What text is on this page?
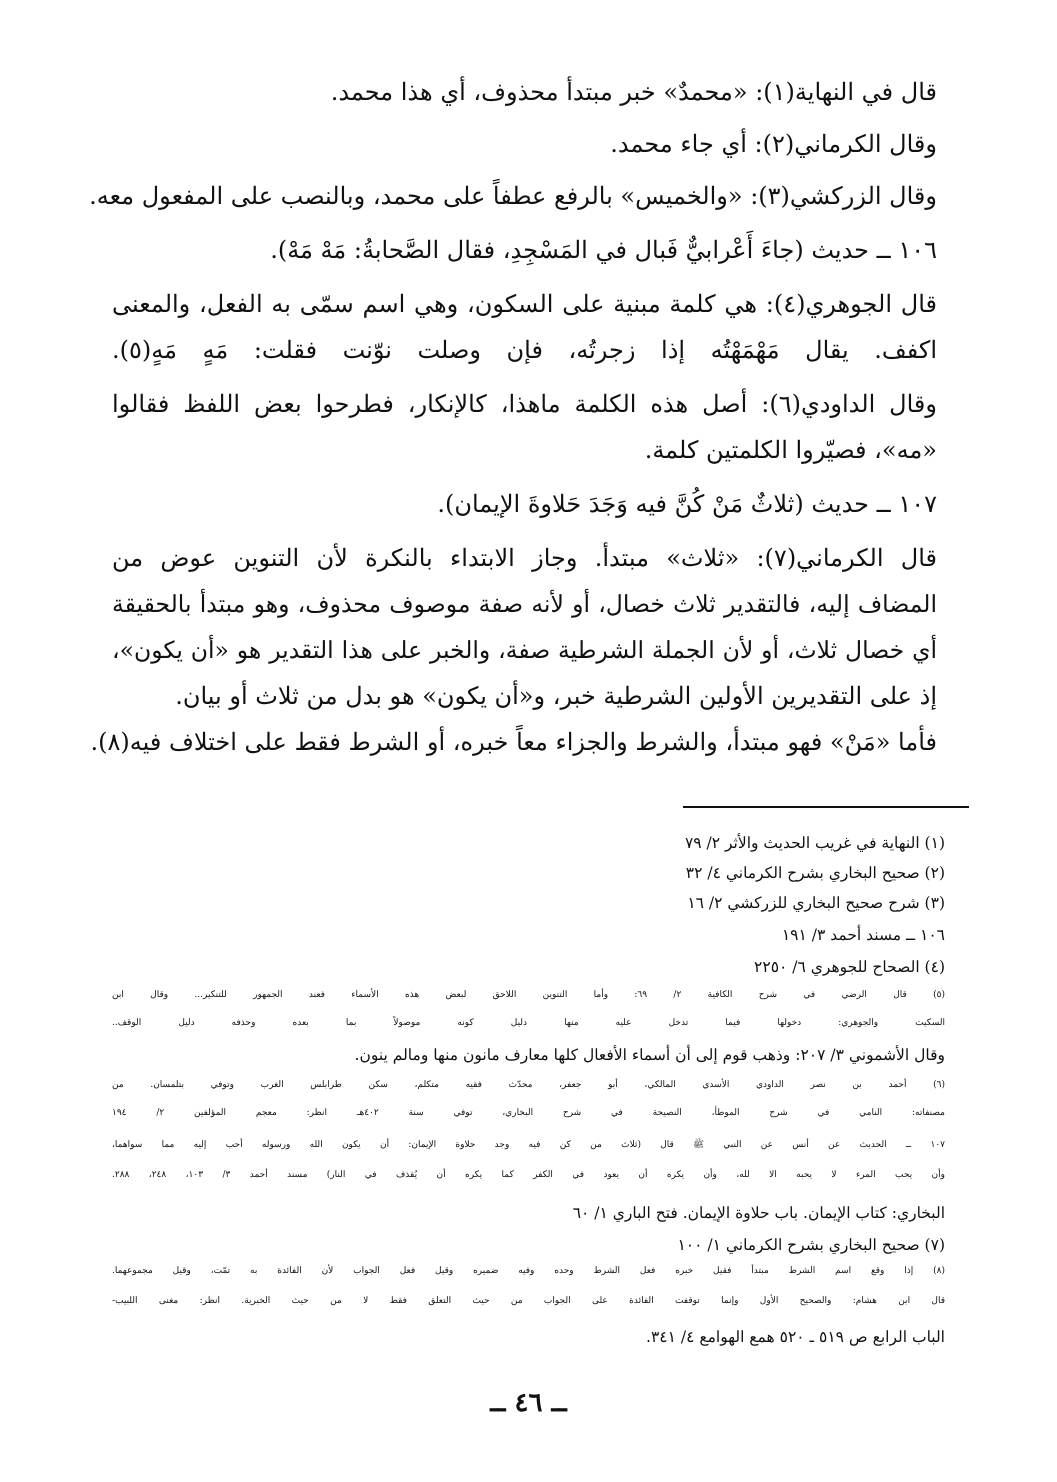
قال في النهاية(١): «محمدٌ» خبر مبتدأ محذوف، أي هذا محمد.
وقال الكرماني(٢): أي جاء محمد.
وقال الزركشي(٣): «والخميس» بالرفع عطفاً على محمد، وبالنصب على المفعول معه.
١٠٦ ــ حديث (جاءَ أَعْرابيٌّ فَبال في المَسْجِدِ، فقال الصَّحابةُ: مَهْ مَهْ).
قال الجوهري(٤): هي كلمة مبنية على السكون، وهي اسم سمّى به الفعل، والمعنى
اكفف. يقال مَهْمَهْتُه إذا زجرتُه، فإن وصلت نوّنت فقلت: مَهٍ مَهٍ(٥).
وقال الداودي(٦): أصل هذه الكلمة ماهذا، كالإنكار، فطرحوا بعض اللفظ فقالوا
«مه»، فصيّروا الكلمتين كلمة.
١٠٧ ــ حديث (ثلاثٌ مَنْ كُنَّ فيه وَجَدَ حَلاوةَ الإيمان).
قال الكرماني(٧): «ثلاث» مبتدأ. وجاز الابتداء بالنكرة لأن التنوين عوض من
المضاف إليه، فالتقدير ثلاث خصال، أو لأنه صفة موصوف محذوف، وهو مبتدأ بالحقيقة
أي خصال ثلاث، أو لأن الجملة الشرطية صفة، والخبر على هذا التقدير هو «أن يكون»،
إذ على التقديرين الأولين الشرطية خبر، و«أن يكون» هو بدل من ثلاث أو بيان.
فأما «مَنْ» فهو مبتدأ، والشرط والجزاء معاً خبره، أو الشرط فقط على اختلاف فيه(٨).
(١) النهاية في غريب الحديث والأثر ٢/ ٧٩
(٢) صحيح البخاري بشرح الكرماني ٤/ ٣٢
(٣) شرح صحيح البخاري للزركشي ٢/ ١٦
١٠٦ ــ مسند أحمد ٣/ ١٩١
(٤) الصحاح للجوهري ٦/ ٢٢٥٠
(٥) قال الرضي في شرح الكافية ٢/ ٦٩: وأما التنوين اللاحق لبعض هذه الأسماء فعند الجمهور للتنكير... وقال ابن
السكيت والجوهري: دخولها فيما تدخل عليه منها دليل كونه موصولاً بما بعده وحذفه دليل الوقف..
وقال الأشموني ٣/ ٢٠٧: وذهب قوم إلى أن أسماء الأفعال كلها معارف مانون منها ومالم ينون.
(٦) أحمد بن نصر الداودي الأسدي المالكي، أبو جعفر، محدّث فقيه متكلم، سكن طرابلس الغرب وتوفي بتلمسان. من
مصنفاته: النامي في شرح الموطأ، النصيحة في شرح البخاري، توفي سنة ٤٠٢هـ انظر: معجم المؤلفين ٢/ ١٩٤
١٠٧ ــ الحديث عن أنس عن النبي ﷺ قال (ثلاث من كن فيه وجد حلاوة الإيمان: أن يكون الله ورسوله أحب إليه مما سواهما،
وأن يحب المرء لا يحبه الا لله، وأن يكره أن يعود في الكفر كما يكره أن يُقذف في النار) مسند أحمد ٣/ ١٠٣، ٢٤٨، ٢٨٨.
البخاري: كتاب الإيمان. باب حلاوة الإيمان. فتح الباري ١/ ٦٠
(٧) صحيح البخاري بشرح الكرماني ١/ ١٠٠
(٨) إذا وقع اسم الشرط مبتدأ فقيل خبره فعل الشرط وحده وفيه ضميره وقيل فعل الجواب لأن الفائدة به تمّت، وقيل مجموعهما.
قال ابن هشام: والصحيح الأول وإنما توقفت الفائدة على الجواب من حيث التعلق فقط لا من حيث الخبرية. انظر: مغنى اللبيب-
الباب الرابع ص ٥١٩ ـ ٥٢٠ همع الهوامع ٤/ ٣٤١.
ــ ٤٦ ــ
